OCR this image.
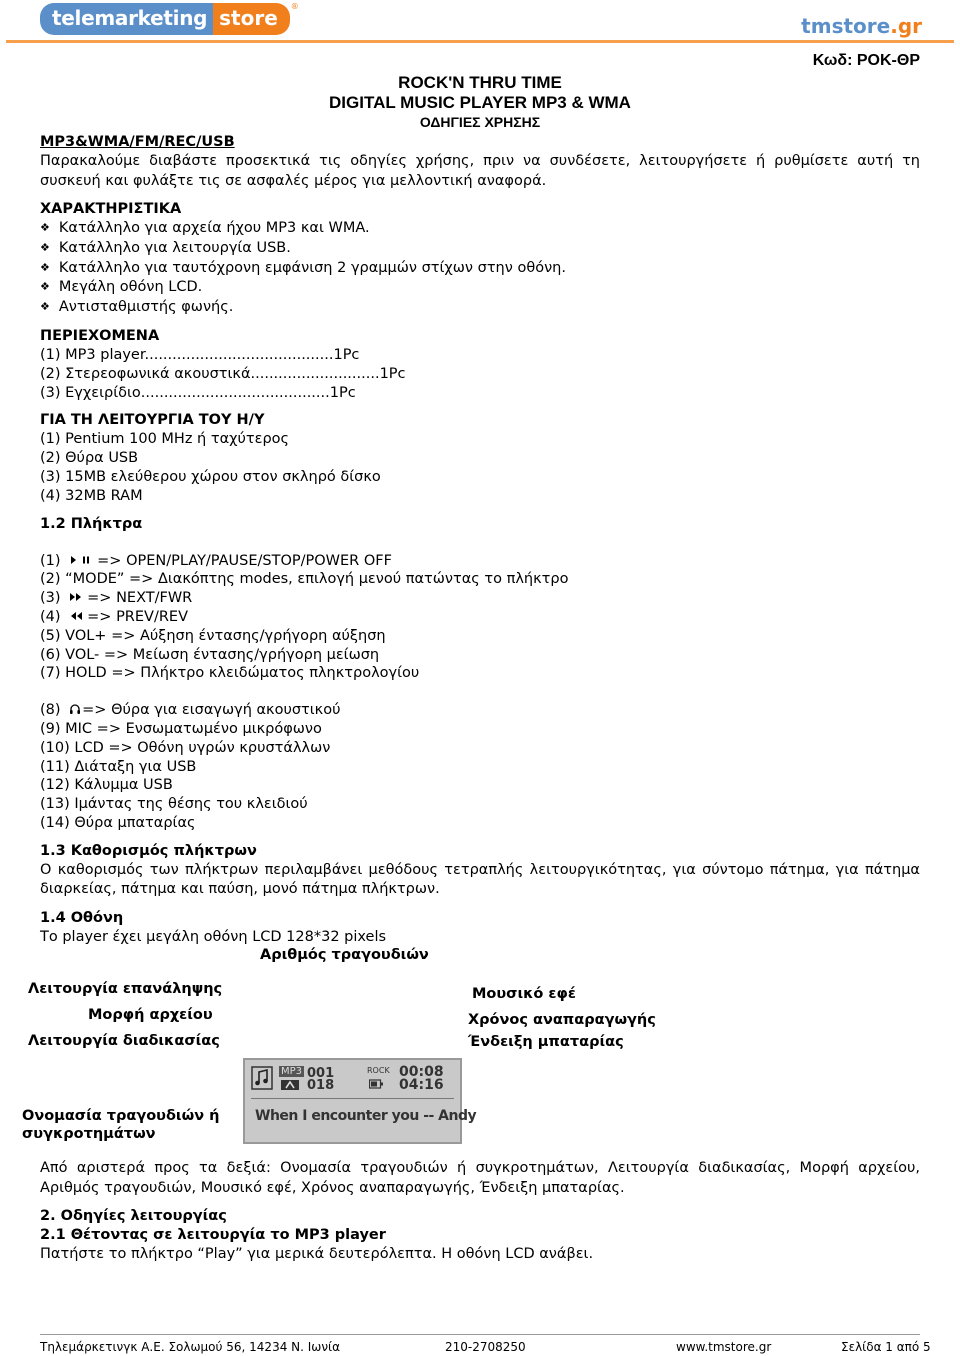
telemarketing store	®
tmstore.gr
Κωδ: ΡΟΚ-ΘΡ
ROCK'N THRU TIME
DIGITAL MUSIC PLAYER MP3 & WMA
ΟΔΗΓΙΕΣ ΧΡΗΣΗΣ
MP3&WMA/FM/REC/USB
Παρακαλούμε διαβάστε προσεκτικά τις οδηγίες χρήσης, πριν να συνδέσετε, λειτουργήσετε ή ρυθμίσετε αυτή τη συσκευή και φυλάξτε τις σε ασφαλές μέρος για μελλοντική αναφορά.
ΧΑΡΑΚΤΗΡΙΣΤΙΚΑ
❖ Κατάλληλο για αρχεία ήχου MP3 και WMA.
❖ Κατάλληλο για λειτουργία USB.
❖ Κατάλληλο για ταυτόχρονη εμφάνιση 2 γραμμών στίχων στην οθόνη.
❖ Μεγάλη οθόνη LCD.
❖ Αντισταθμιστής φωνής.
ΠΕΡΙΕΧΟΜΕΝΑ
(1) MP3 player.........................................1Pc
(2) Στερεοφωνικά ακουστικά............................1Pc
(3) Εγχειρίδιο.........................................1Pc
ΓΙΑ ΤΗ ΛΕΙΤΟΥΡΓΙΑ ΤΟΥ Η/Υ
(1) Pentium 100 MHz ή ταχύτερος
(2) Θύρα USB
(3) 15MB ελεύθερου χώρου στον σκληρό δίσκο
(4) 32MB RAM
1.2 Πλήκτρα
(1)	=> OPEN/PLAY/PAUSE/STOP/POWER OFF
(2) “MODE” => Διακόπτης modes, επιλογή μενού πατώντας το πλήκτρο
(3) => NEXT/FWR
(4) => PREV/REV
(5) VOL+ => Αύξηση έντασης/γρήγορη αύξηση
(6) VOL- => Μείωση έντασης/γρήγορη μείωση
(7) HOLD => Πλήκτρο κλειδώματος πληκτρολογίου
(8) => Θύρα για εισαγωγή ακουστικού
(9) MIC => Ενσωματωμένο μικρόφωνο
(10) LCD => Οθόνη υγρών κρυστάλλων
(11) Διάταξη για USB
(12) Κάλυμμα USB
(13) Ιμάντας της θέσης του κλειδιού
(14) Θύρα μπαταρίας
1.3 Καθορισμός πλήκτρων
Ο καθορισμός των πλήκτρων περιλαμβάνει μεθόδους τετραπλής λειτουργικότητας, για σύντομο πάτημα, για πάτημα διαρκείας, πάτημα και παύση, μονό πάτημα πλήκτρων.
1.4 Οθόνη
Το player έχει μεγάλη οθόνη LCD 128*32 pixels
Αριθμός τραγουδιών
Λειτουργία επανάληψης
Μορφή αρχείου
Λειτουργία διαδικασίας
Μουσικό εφέ
Χρόνος αναπαραγωγής
Ένδειξη μπαταρίας
Ονομασία τραγουδιών ή συγκροτημάτων
MP3 001
018
ROCK 00:08
04:16
When I encounter you -- Andy
Από αριστερά προς τα δεξιά: Ονομασία τραγουδιών ή συγκροτημάτων, Λειτουργία διαδικασίας, Μορφή αρχείου, Αριθμός τραγουδιών, Μουσικό εφέ, Χρόνος αναπαραγωγής, Ένδειξη μπαταρίας.
2. Οδηγίες λειτουργίας
2.1 Θέτοντας σε λειτουργία το MP3 player
Πατήστε το πλήκτρο “Play” για μερικά δευτερόλεπτα. Η οθόνη LCD ανάβει.
Τηλεμάρκετινγκ Α.Ε. Σολωμού 56, 14234 Ν. Ιωνία	210-2708250	www.tmstore.gr	Σελίδα 1 από 5
